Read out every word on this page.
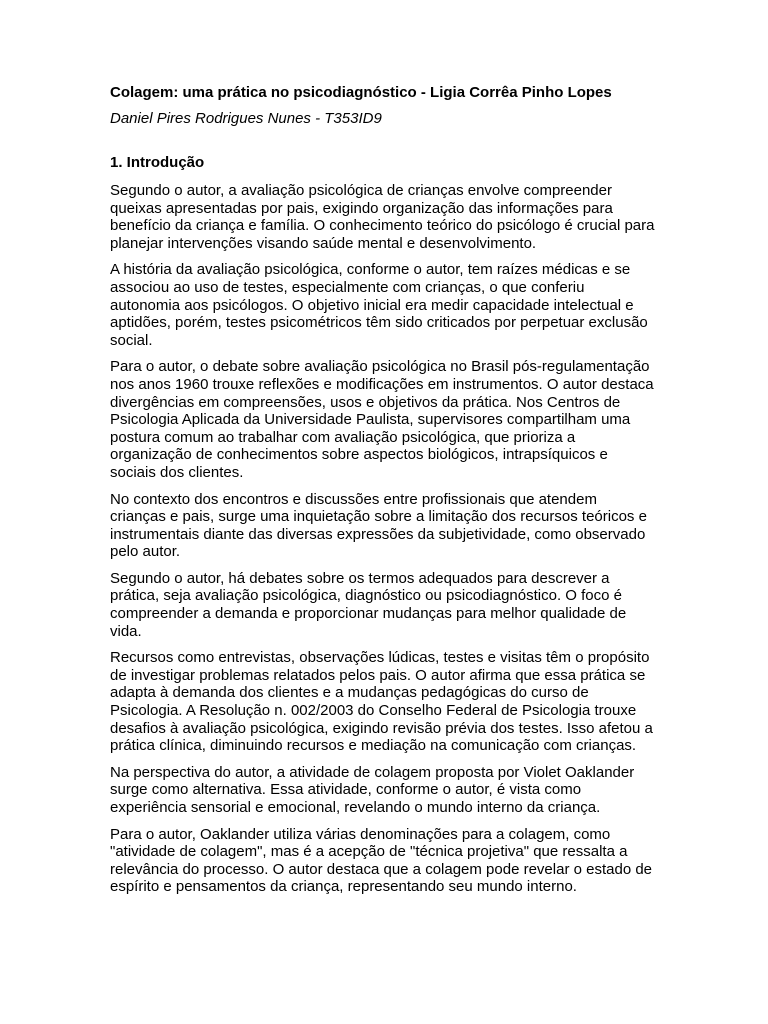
Colagem: uma prática no psicodiagnóstico - Ligia Corrêa Pinho Lopes
Daniel Pires Rodrigues Nunes - T353ID9
1. Introdução

Segundo o autor, a avaliação psicológica de crianças envolve compreender queixas apresentadas por pais, exigindo organização das informações para benefício da criança e família. O conhecimento teórico do psicólogo é crucial para planejar intervenções visando saúde mental e desenvolvimento.

A história da avaliação psicológica, conforme o autor, tem raízes médicas e se associou ao uso de testes, especialmente com crianças, o que conferiu autonomia aos psicólogos. O objetivo inicial era medir capacidade intelectual e aptidões, porém, testes psicométricos têm sido criticados por perpetuar exclusão social.

Para o autor, o debate sobre avaliação psicológica no Brasil pós-regulamentação nos anos 1960 trouxe reflexões e modificações em instrumentos. O autor destaca divergências em compreensões, usos e objetivos da prática. Nos Centros de Psicologia Aplicada da Universidade Paulista, supervisores compartilham uma postura comum ao trabalhar com avaliação psicológica, que prioriza a organização de conhecimentos sobre aspectos biológicos, intrapsíquicos e sociais dos clientes.

No contexto dos encontros e discussões entre profissionais que atendem crianças e pais, surge uma inquietação sobre a limitação dos recursos teóricos e instrumentais diante das diversas expressões da subjetividade, como observado pelo autor.

Segundo o autor, há debates sobre os termos adequados para descrever a prática, seja avaliação psicológica, diagnóstico ou psicodiagnóstico. O foco é compreender a demanda e proporcionar mudanças para melhor qualidade de vida.

Recursos como entrevistas, observações lúdicas, testes e visitas têm o propósito de investigar problemas relatados pelos pais. O autor afirma que essa prática se adapta à demanda dos clientes e a mudanças pedagógicas do curso de Psicologia. A Resolução n. 002/2003 do Conselho Federal de Psicologia trouxe desafios à avaliação psicológica, exigindo revisão prévia dos testes. Isso afetou a prática clínica, diminuindo recursos e mediação na comunicação com crianças.

Na perspectiva do autor, a atividade de colagem proposta por Violet Oaklander surge como alternativa. Essa atividade, conforme o autor, é vista como experiência sensorial e emocional, revelando o mundo interno da criança.

Para o autor, Oaklander utiliza várias denominações para a colagem, como "atividade de colagem", mas é a acepção de "técnica projetiva" que ressalta a relevância do processo. O autor destaca que a colagem pode revelar o estado de espírito e pensamentos da criança, representando seu mundo interno.
